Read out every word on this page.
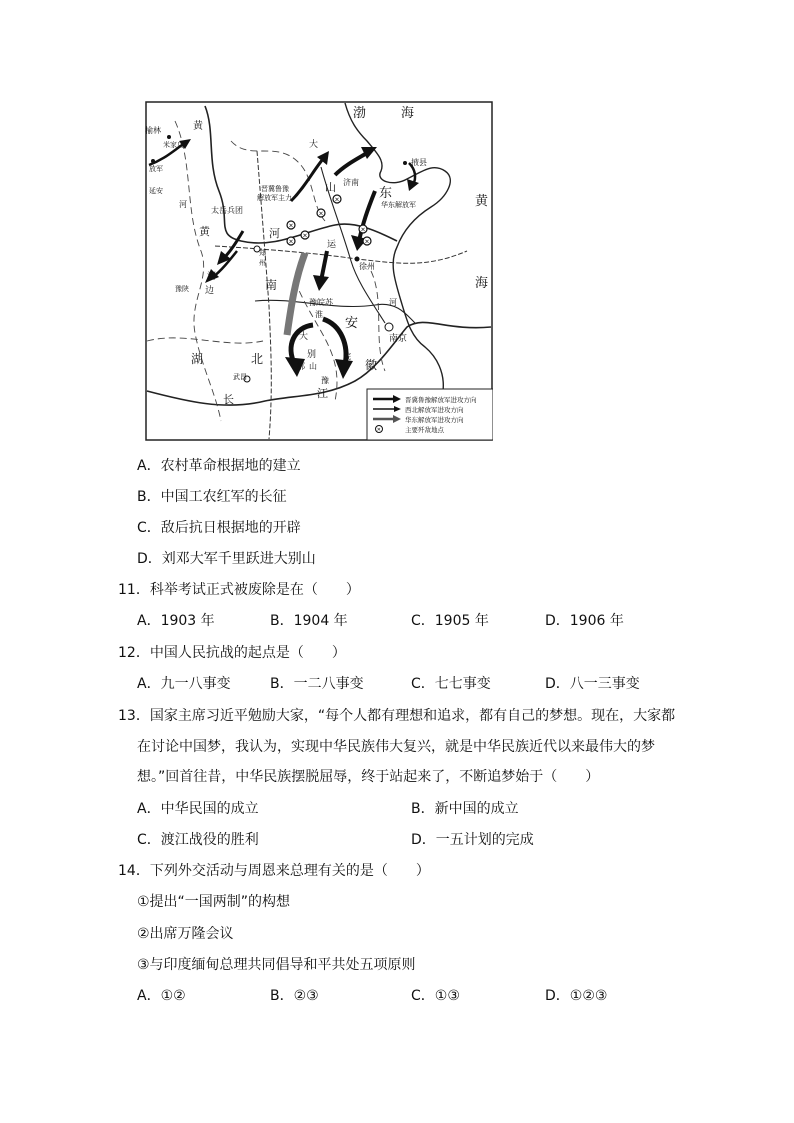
✕
✕
✕
✕
✕
✕
✕
渤	海
黄
海
黄
榆林
米家店
放军
河
延安
太岳兵团
晋冀鲁豫
解放军主力
济南
山	东
掖县
华东解放军
黄	河
运
郑
州	徐州
河
边
豫陕	南
豫皖苏
淮
安
河
南京
湖	北
大
别
鄂 山
皖
徽
豫
武昌
长	江
大
✕
晋冀鲁豫解放军进攻方向
西北解放军进攻方向
华东解放军进攻方向
主要歼敌地点
A．农村革命根据地的建立
B．中国工农红军的长征
C．敌后抗日根据地的开辟
D．刘邓大军千里跃进大别山
11．科举考试正式被废除是在（　　）
A．1903 年	B．1904 年	C．1905 年	D．1906 年
12．中国人民抗战的起点是（　　）
A．九一八事变	B．一二八事变	C．七七事变	D．八一三事变
13．国家主席习近平勉励大家，“每个人都有理想和追求，都有自己的梦想。现在，大家都
在讨论中国梦，我认为，实现中华民族伟大复兴，就是中华民族近代以来最伟大的梦
想。”回首往昔，中华民族摆脱屈辱，终于站起来了，不断追梦始于（　　）
A．中华民国的成立	B．新中国的成立
C．渡江战役的胜利	D．一五计划的完成
14．下列外交活动与周恩来总理有关的是（　　）
①提出“一国两制”的构想
②出席万隆会议
③与印度缅甸总理共同倡导和平共处五项原则
A．①②	B．②③	C．①③	D．①②③
